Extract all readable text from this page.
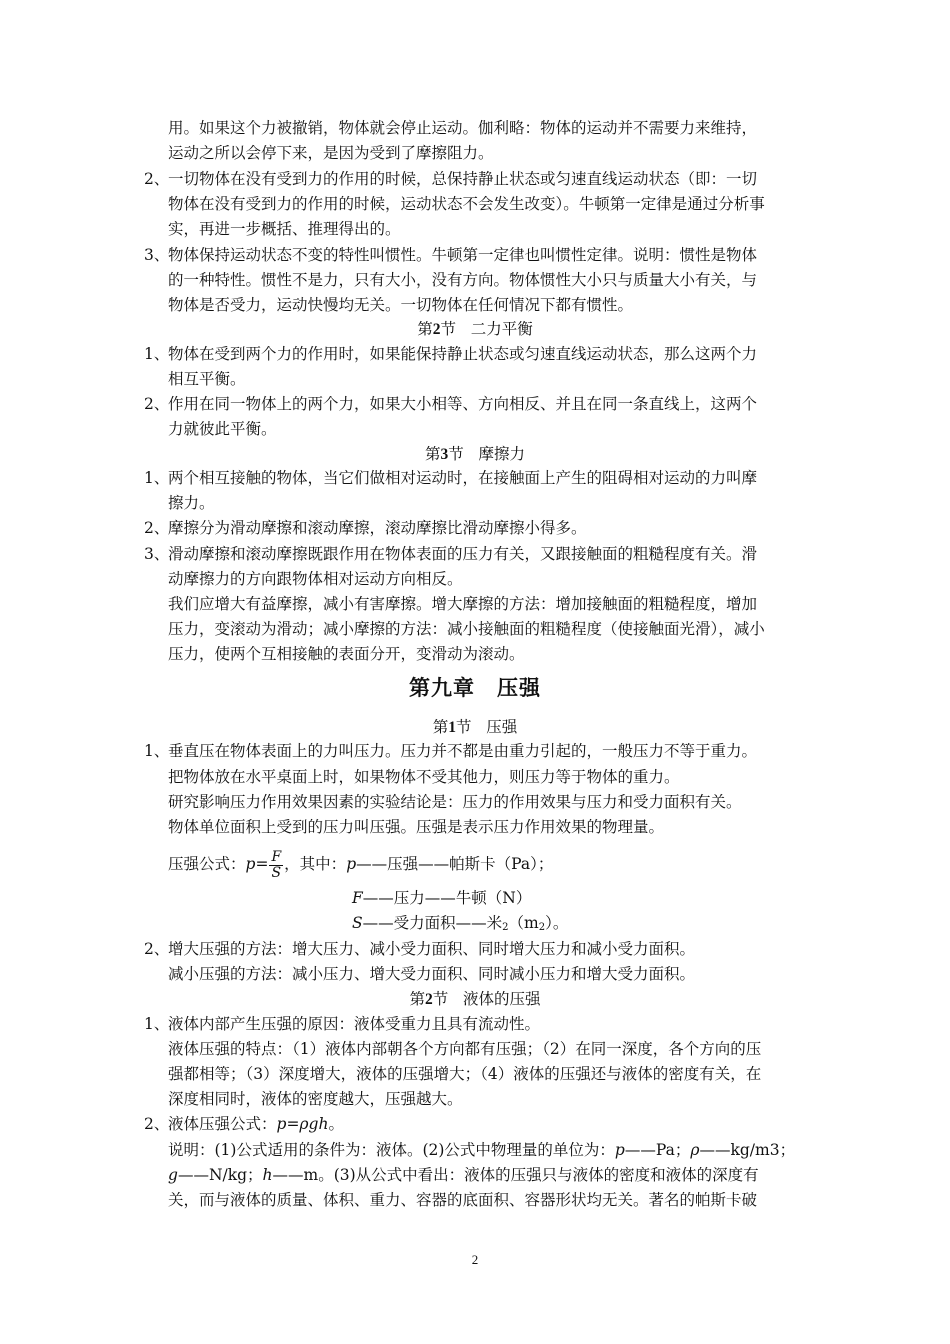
用。如果这个力被撤销，物体就会停止运动。伽利略：物体的运动并不需要力来维持，
运动之所以会停下来，是因为受到了摩擦阻力。
2、一切物体在没有受到力的作用的时候，总保持静止状态或匀速直线运动状态（即：一切
物体在没有受到力的作用的时候，运动状态不会发生改变）。牛顿第一定律是通过分析事
实，再进一步概括、推理得出的。
3、物体保持运动状态不变的特性叫惯性。牛顿第一定律也叫惯性定律。说明：惯性是物体
的一种特性。惯性不是力，只有大小，没有方向。物体惯性大小只与质量大小有关，与
物体是否受力，运动快慢均无关。一切物体在任何情况下都有惯性。
第2节 二力平衡
1、物体在受到两个力的作用时，如果能保持静止状态或匀速直线运动状态，那么这两个力
相互平衡。
2、作用在同一物体上的两个力，如果大小相等、方向相反、并且在同一条直线上，这两个
力就彼此平衡。
第3节 摩擦力
1、两个相互接触的物体，当它们做相对运动时，在接触面上产生的阻碍相对运动的力叫摩
擦力。
2、摩擦分为滑动摩擦和滚动摩擦，滚动摩擦比滑动摩擦小得多。
3、滑动摩擦和滚动摩擦既跟作用在物体表面的压力有关，又跟接触面的粗糙程度有关。滑
动摩擦力的方向跟物体相对运动方向相反。
我们应增大有益摩擦，减小有害摩擦。增大摩擦的方法：增加接触面的粗糙程度，增加
压力，变滚动为滑动；减小摩擦的方法：减小接触面的粗糙程度（使接触面光滑），减小
压力，使两个互相接触的表面分开，变滑动为滚动。
第九章　压强
第1节 压强
1、垂直压在物体表面上的力叫压力。压力并不都是由重力引起的，一般压力不等于重力。
把物体放在水平桌面上时，如果物体不受其他力，则压力等于物体的重力。
研究影响压力作用效果因素的实验结论是：压力的作用效果与压力和受力面积有关。
物体单位面积上受到的压力叫压强。压强是表示压力作用效果的物理量。
压强公式：$p= \frac{F}{S}$ ，其中：p——压强——帕斯卡（Pa）；
F——压力——牛顿（N）
S——受力面积——米$_2(m_2)$。
2、增大压强的方法：增大压力、减小受力面积、同时增大压力和减小受力面积。
减小压强的方法：减小压力、增大受力面积、同时减小压力和增大受力面积。
第2节 液体的压强
1、液体内部产生压强的原因：液体受重力且具有流动性。
液体压强的特点：（1）液体内部朝各个方向都有压强；（2）在同一深度，各个方向的压
强都相等；（3）深度增大，液体的压强增大；（4）液体的压强还与液体的密度有关，在
深度相同时，液体的密度越大，压强越大。
2、液体压强公式：p=ρgh。
说明：(1)公式适用的条件为：液体。(2)公式中物理量的单位为：p——Pa；ρ——kg/m3；
g——N/kg；h——m。(3)从公式中看出：液体的压强只与液体的密度和液体的深度有
关，而与液体的质量、体积、重力、容器的底面积、容器形状均无关。著名的帕斯卡破
2
